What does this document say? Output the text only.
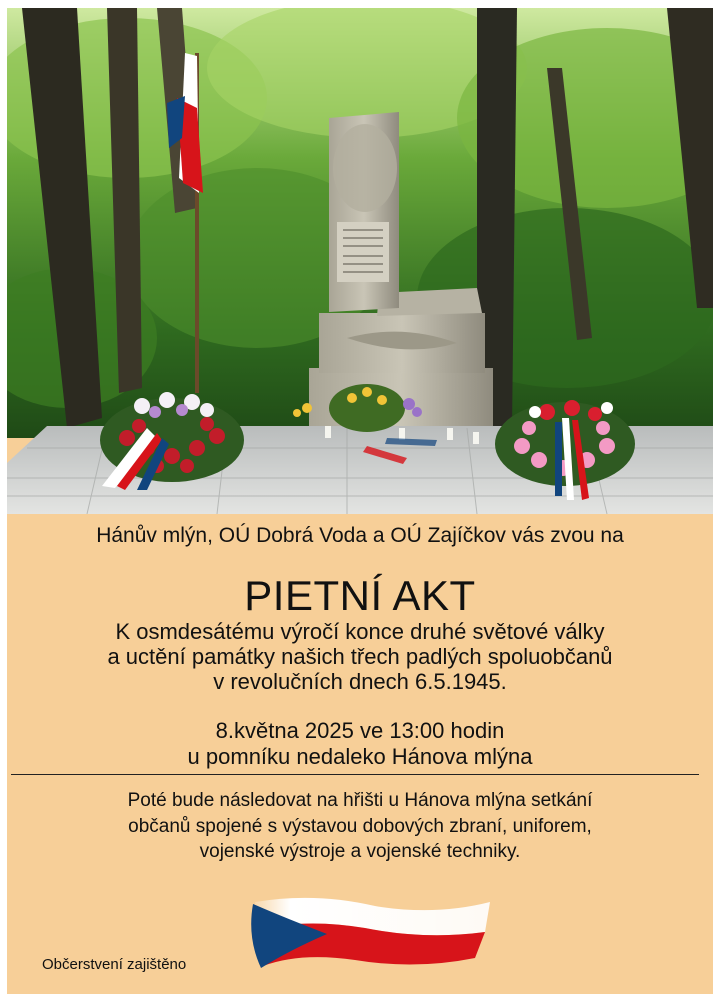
Hánův mlýn, OÚ Dobrá Voda a OÚ Zajíčkov vás zvou na
PIETNÍ AKT
K osmdesátému výročí konce druhé světové války
a uctění památky našich třech padlých spoluobčanů
v revolučních dnech 6.5.1945.
8.května 2025 ve 13:00 hodin
u pomníku nedaleko Hánova mlýna
Poté bude následovat na hřišti u Hánova mlýna setkání
občanů spojené s výstavou dobových zbraní, uniforem,
vojenské výstroje a vojenské techniky.
Občerstvení zajištěno
